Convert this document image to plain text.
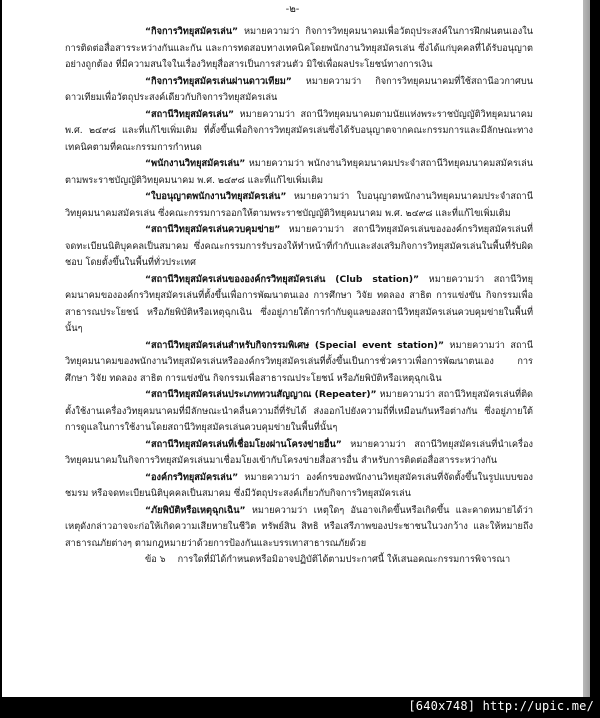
-๒-

“กิจการวิทยุสมัครเล่น” หมายความว่า กิจการวิทยุคมนาคมเพื่อวัตถุประสงค์ในการฝึกฝนตนเองในการติดต่อสื่อสารระหว่างกันและกัน และการทดสอบทางเทคนิคโดยพนักงานวิทยุสมัครเล่น ซึ่งได้แก่บุคคลที่ได้รับอนุญาตอย่างถูกต้อง ที่มีความสนใจในเรื่องวิทยุสื่อสารเป็นการส่วนตัว มิใช่เพื่อผลประโยชน์ทางการเงิน

“กิจการวิทยุสมัครเล่นผ่านดาวเทียม” หมายความว่า กิจการวิทยุคมนาคมที่ใช้สถานีอวกาศบนดาวเทียมเพื่อวัตถุประสงค์เดียวกับกิจการวิทยุสมัครเล่น

“สถานีวิทยุสมัครเล่น” หมายความว่า สถานีวิทยุคมนาคมตามนัยแห่งพระราชบัญญัติวิทยุคมนาคม พ.ศ. ๒๔๙๘ และที่แก้ไขเพิ่มเติม ที่ตั้งขึ้นเพื่อกิจการวิทยุสมัครเล่นซึ่งได้รับอนุญาตจากคณะกรรมการและมีลักษณะทางเทคนิคตามที่คณะกรรมการกำหนด

“พนักงานวิทยุสมัครเล่น” หมายความว่า พนักงานวิทยุคมนาคมประจำสถานีวิทยุคมนาคมสมัครเล่นตามพระราชบัญญัติวิทยุคมนาคม พ.ศ. ๒๔๙๘ และที่แก้ไขเพิ่มเติม

“ใบอนุญาตพนักงานวิทยุสมัครเล่น” หมายความว่า ใบอนุญาตพนักงานวิทยุคมนาคมประจำสถานีวิทยุคมนาคมสมัครเล่น ซึ่งคณะกรรมการออกให้ตามพระราชบัญญัติวิทยุคมนาคม พ.ศ. ๒๔๙๘ และที่แก้ไขเพิ่มเติม

“สถานีวิทยุสมัครเล่นควบคุมข่าย” หมายความว่า สถานีวิทยุสมัครเล่นขององค์กรวิทยุสมัครเล่นที่จดทะเบียนนิติบุคคลเป็นสมาคม ซึ่งคณะกรรมการรับรองให้ทำหน้าที่กำกับและส่งเสริมกิจการวิทยุสมัครเล่นในพื้นที่รับผิดชอบ โดยตั้งขึ้นในพื้นที่ทั่วประเทศ

“สถานีวิทยุสมัครเล่นขององค์กรวิทยุสมัครเล่น (Club station)” หมายความว่า สถานีวิทยุคมนาคมขององค์กรวิทยุสมัครเล่นที่ตั้งขึ้นเพื่อการพัฒนาตนเอง การศึกษา วิจัย ทดลอง สาธิต การแข่งขัน กิจกรรมเพื่อสาธารณประโยชน์ หรือภัยพิบัติหรือเหตุฉุกเฉิน ซึ่งอยู่ภายใต้การกำกับดูแลของสถานีวิทยุสมัครเล่นควบคุมข่ายในพื้นที่นั้นๆ

“สถานีวิทยุสมัครเล่นสำหรับกิจกรรมพิเศษ (Special event station)” หมายความว่า สถานีวิทยุคมนาคมของพนักงานวิทยุสมัครเล่นหรือองค์กรวิทยุสมัครเล่นที่ตั้งขึ้นเป็นการชั่วคราวเพื่อการพัฒนาตนเอง การศึกษา วิจัย ทดลอง สาธิต การแข่งขัน กิจกรรมเพื่อสาธารณประโยชน์ หรือภัยพิบัติหรือเหตุฉุกเฉิน

“สถานีวิทยุสมัครเล่นประเภททวนสัญญาณ (Repeater)” หมายความว่า สถานีวิทยุสมัครเล่นที่ติดตั้งใช้งานเครื่องวิทยุคมนาคมที่มีลักษณะนำคลื่นความถี่ที่รับได้ ส่งออกไปยังความถี่ที่เหมือนกันหรือต่างกัน ซึ่งอยู่ภายใต้การดูแลในการใช้งานโดยสถานีวิทยุสมัครเล่นควบคุมข่ายในพื้นที่นั้นๆ

“สถานีวิทยุสมัครเล่นที่เชื่อมโยงผ่านโครงข่ายอื่น” หมายความว่า สถานีวิทยุสมัครเล่นที่นำเครื่องวิทยุคมนาคมในกิจการวิทยุสมัครเล่นมาเชื่อมโยงเข้ากับโครงข่ายสื่อสารอื่น สำหรับการติดต่อสื่อสารระหว่างกัน

“องค์กรวิทยุสมัครเล่น” หมายความว่า องค์กรของพนักงานวิทยุสมัครเล่นที่จัดตั้งขึ้นในรูปแบบของชมรม หรือจดทะเบียนนิติบุคคลเป็นสมาคม ซึ่งมีวัตถุประสงค์เกี่ยวกับกิจการวิทยุสมัครเล่น

“ภัยพิบัติหรือเหตุฉุกเฉิน” หมายความว่า เหตุใดๆ อันอาจเกิดขึ้นหรือเกิดขึ้น และคาดหมายได้ว่าเหตุดังกล่าวอาจจะก่อให้เกิดความเสียหายในชีวิต ทรัพย์สิน สิทธิ หรือเสรีภาพของประชาชนในวงกว้าง และให้หมายถึงสาธารณภัยต่างๆ ตามกฎหมายว่าด้วยการป้องกันและบรรเทาสาธารณภัยด้วย

ข้อ ๖ การใดที่มิได้กำหนดหรือมิอาจปฏิบัติได้ตามประกาศนี้ ให้เสนอคณะกรรมการพิจารณา

[640x748] http://upic.me/
